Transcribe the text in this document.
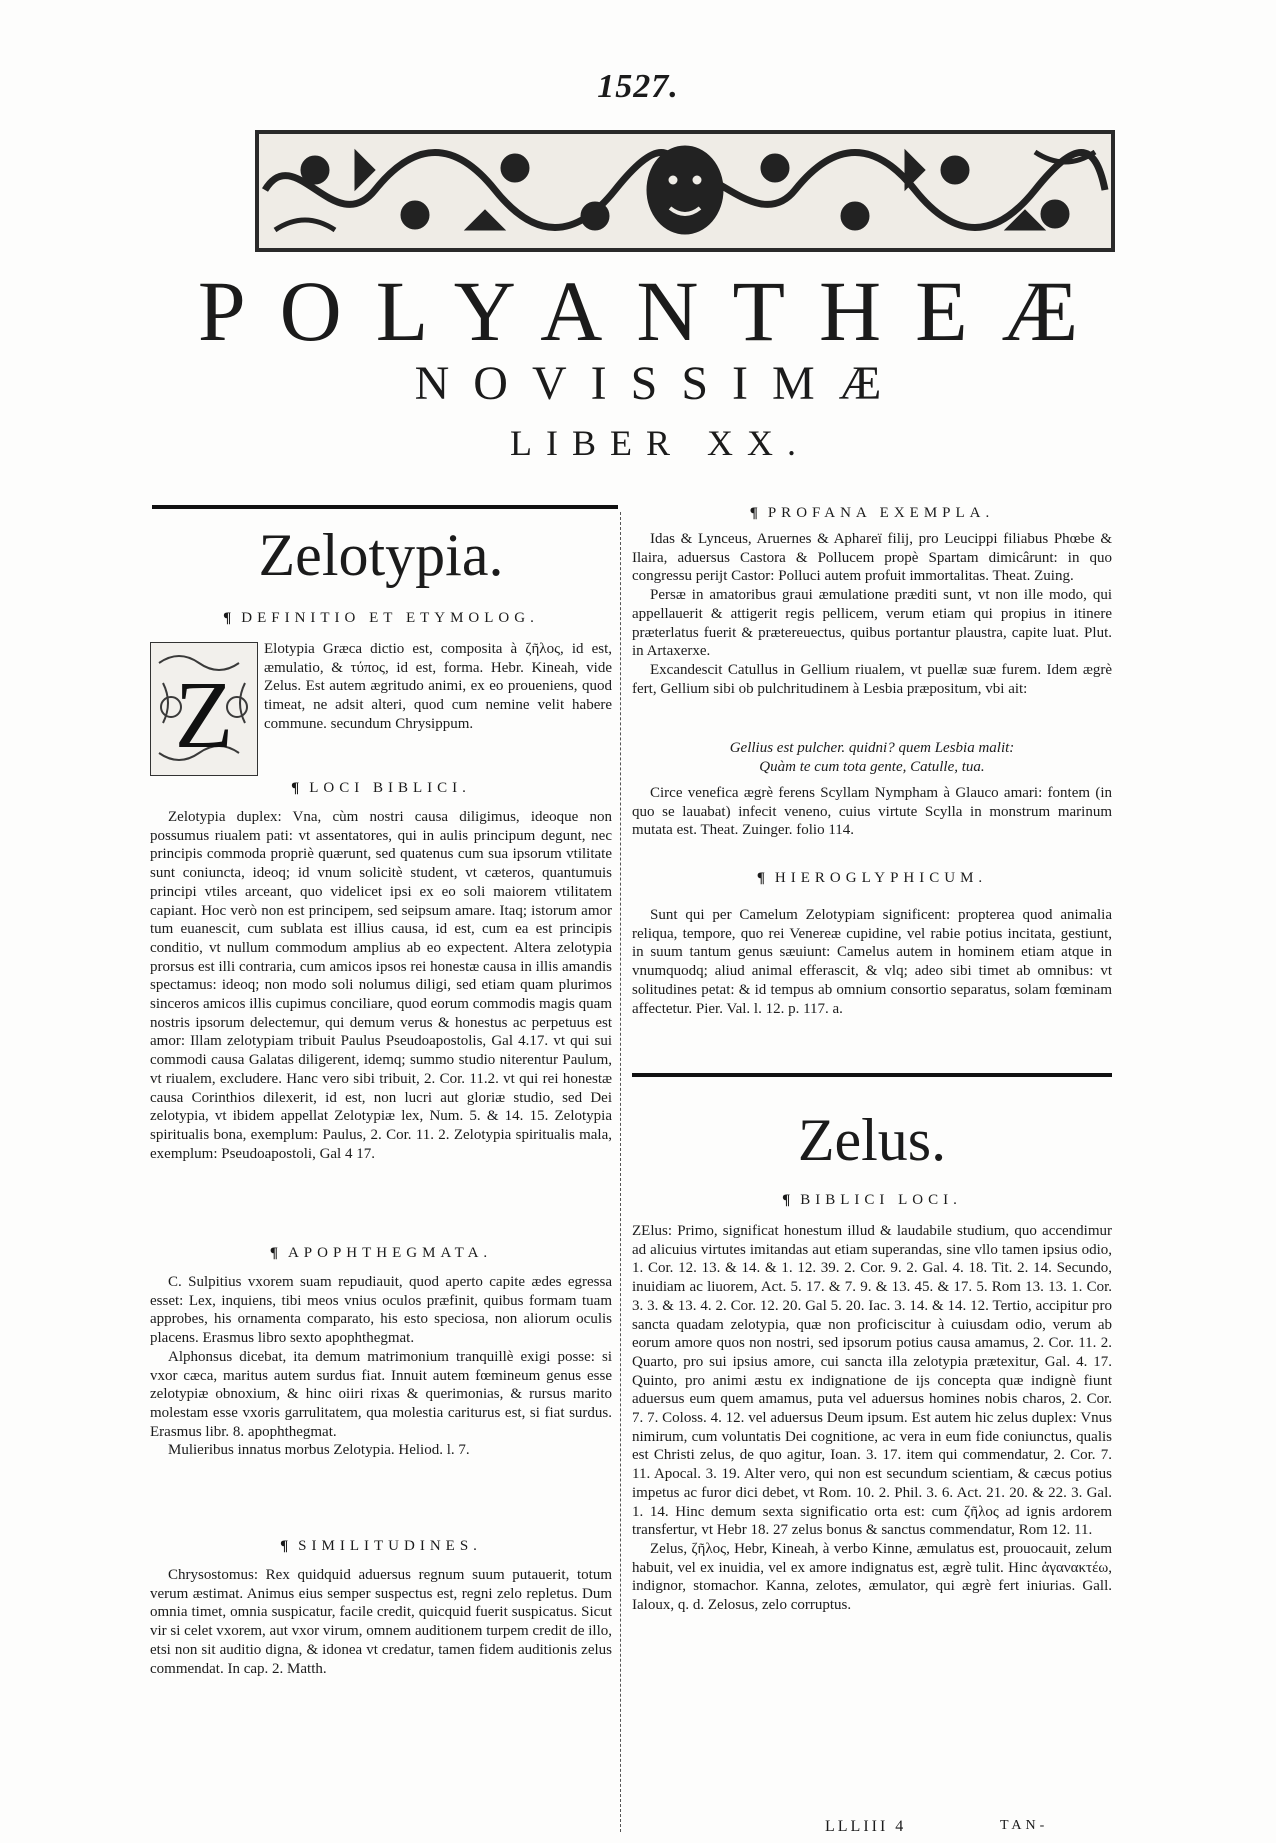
1527.
POLYANTHEÆ
NOVISSIMÆ
LIBER XX.
Zelotypia.
¶ DEFINITIO ET ETYMOLOG.
Z
Elotypia Græca dictio est, composita à ζῆλος, id est, æmulatio, & τύπος, id est, forma. Hebr. Kineah, vide Zelus. Est autem ægritudo animi, ex eo proueniens, quod timeat, ne adsit alteri, quod cum nemine velit habere commune. secundum Chrysippum.
¶ LOCI BIBLICI.

Zelotypia duplex: Vna, cùm nostri causa diligimus, ideoque non possumus riualem pati: vt assentatores, qui in aulis principum degunt, nec principis commoda propriè quærunt, sed quatenus cum sua ipsorum vtilitate sunt coniuncta, ideoq; id vnum solicitè student, vt cæteros, quantumuis principi vtiles arceant, quo videlicet ipsi ex eo soli maiorem vtilitatem capiant. Hoc verò non est principem, sed seipsum amare. Itaq; istorum amor tum euanescit, cum sublata est illius causa, id est, cum ea est principis conditio, vt nullum commodum amplius ab eo expectent. Altera zelotypia prorsus est illi contraria, cum amicos ipsos rei honestæ causa in illis amandis spectamus: ideoq; non modo soli nolumus diligi, sed etiam quam plurimos sinceros amicos illis cupimus conciliare, quod eorum commodis magis quam nostris ipsorum delectemur, qui demum verus & honestus ac perpetuus est amor: Illam zelotypiam tribuit Paulus Pseudoapostolis, Gal 4.17. vt qui sui commodi causa Galatas diligerent, idemq; summo studio niterentur Paulum, vt riualem, excludere. Hanc vero sibi tribuit, 2. Cor. 11.2. vt qui rei honestæ causa Corinthios dilexerit, id est, non lucri aut gloriæ studio, sed Dei zelotypia, vt ibidem appellat Zelotypiæ lex, Num. 5. & 14. 15. Zelotypia spiritualis bona, exemplum: Paulus, 2. Cor. 11. 2. Zelotypia spiritualis mala, exemplum: Pseudoapostoli, Gal 4 17.

¶ APOPHTHEGMATA.

C. Sulpitius vxorem suam repudiauit, quod aperto capite ædes egressa esset: Lex, inquiens, tibi meos vnius oculos præfinit, quibus formam tuam approbes, his ornamenta comparato, his esto speciosa, non aliorum oculis placens. Erasmus libro sexto apophthegmat.

Alphonsus dicebat, ita demum matrimonium tranquillè exigi posse: si vxor cæca, maritus autem surdus fiat. Innuit autem fœmineum genus esse zelotypiæ obnoxium, & hinc oiiri rixas & querimonias, & rursus marito molestam esse vxoris garrulitatem, qua molestia cariturus est, si fiat surdus. Erasmus libr. 8. apophthegmat.

Mulieribus innatus morbus Zelotypia. Heliod. l. 7.

¶ SIMILITUDINES.

Chrysostomus: Rex quidquid aduersus regnum suum putauerit, totum verum æstimat. Animus eius semper suspectus est, regni zelo repletus. Dum omnia timet, omnia suspicatur, facile credit, quicquid fuerit suspicatus. Sicut vir si celet vxorem, aut vxor virum, omnem auditionem turpem credit de illo, etsi non sit auditio digna, & idonea vt credatur, tamen fidem auditionis zelus commendat. In cap. 2. Matth.

¶ PROFANA EXEMPLA.

Idas & Lynceus, Aruernes & Aphareï filij, pro Leucippi filiabus Phœbe & Ilaira, aduersus Castora & Pollucem propè Spartam dimicârunt: in quo congressu perijt Castor: Polluci autem profuit immortalitas. Theat. Zuing.

Persæ in amatoribus graui æmulatione præditi sunt, vt non ille modo, qui appellauerit & attigerit regis pellicem, verum etiam qui propius in itinere præterlatus fuerit & prætereuectus, quibus portantur plaustra, capite luat. Plut. in Artaxerxe.

Excandescit Catullus in Gellium riualem, vt puellæ suæ furem. Idem ægrè fert, Gellium sibi ob pulchritudinem à Lesbia præpositum, vbi ait:

Gellius est pulcher. quidni? quem Lesbia malit:
Quàm te cum tota gente, Catulle, tua.

Circe venefica ægrè ferens Scyllam Nympham à Glauco amari: fontem (in quo se lauabat) infecit veneno, cuius virtute Scylla in monstrum marinum mutata est. Theat. Zuinger. folio 114.

¶ HIEROGLYPHICUM.

Sunt qui per Camelum Zelotypiam significent: propterea quod animalia reliqua, tempore, quo rei Venereæ cupidine, vel rabie potius incitata, gestiunt, in suum tantum genus sæuiunt: Camelus autem in hominem etiam atque in vnumquodq; aliud animal efferascit, & vlq; adeo sibi timet ab omnibus: vt solitudines petat: & id tempus ab omnium consortio separatus, solam fœminam affectetur. Pier. Val. l. 12. p. 117. a.

Zelus.
¶ BIBLICI LOCI.

ZElus: Primo, significat honestum illud & laudabile studium, quo accendimur ad alicuius virtutes imitandas aut etiam superandas, sine vllo tamen ipsius odio, 1. Cor. 12. 13. & 14. & 1. 12. 39. 2. Cor. 9. 2. Gal. 4. 18. Tit. 2. 14. Secundo, inuidiam ac liuorem, Act. 5. 17. & 7. 9. & 13. 45. & 17. 5. Rom 13. 13. 1. Cor. 3. 3. & 13. 4. 2. Cor. 12. 20. Gal 5. 20. Iac. 3. 14. & 14. 12. Tertio, accipitur pro sancta quadam zelotypia, quæ non proficiscitur à cuiusdam odio, verum ab eorum amore quos non nostri, sed ipsorum potius causa amamus, 2. Cor. 11. 2. Quarto, pro sui ipsius amore, cui sancta illa zelotypia prætexitur, Gal. 4. 17. Quinto, pro animi æstu ex indignatione de ijs concepta quæ indignè fiunt aduersus eum quem amamus, puta vel aduersus homines nobis charos, 2. Cor. 7. 7. Coloss. 4. 12. vel aduersus Deum ipsum. Est autem hic zelus duplex: Vnus nimirum, cum voluntatis Dei cognitione, ac vera in eum fide coniunctus, qualis est Christi zelus, de quo agitur, Ioan. 3. 17. item qui commendatur, 2. Cor. 7. 11. Apocal. 3. 19. Alter vero, qui non est secundum scientiam, & cæcus potius impetus ac furor dici debet, vt Rom. 10. 2. Phil. 3. 6. Act. 21. 20. & 22. 3. Gal. 1. 14. Hinc demum sexta significatio orta est: cum ζῆλος ad ignis ardorem transfertur, vt Hebr 18. 27 zelus bonus & sanctus commendatur, Rom 12. 11.

Zelus, ζῆλος, Hebr, Kineah, à verbo Kinne, æmulatus est, prouocauit, zelum habuit, vel ex inuidia, vel ex amore indignatus est, ægrè tulit. Hinc ἀγανακτέω, indignor, stomachor. Kanna, zelotes, æmulator, qui ægrè fert iniurias. Gall. Ialoux, q. d. Zelosus, zelo corruptus.

LLLIII 4	TAN-
